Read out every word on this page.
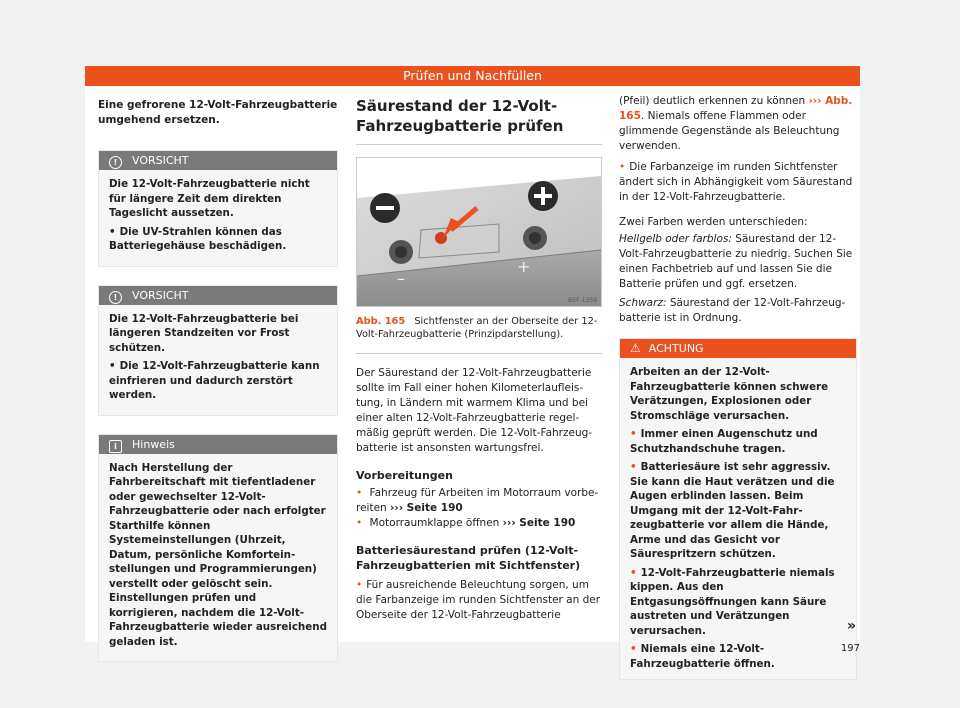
Prüfen und Nachfüllen
Eine gefrorene 12-Volt-Fahrzeugbatterie umgehend ersetzen.
! VORSICHT

Die 12-Volt-Fahrzeugbatterie nicht für längere Zeit dem direkten Tageslicht aussetzen.

• Die UV-Strahlen können das Batteriegehäuse beschädigen.

! VORSICHT

Die 12-Volt-Fahrzeugbatterie bei längeren Standzeiten vor Frost schützen.

• Die 12-Volt-Fahrzeugbatterie kann einfrieren und dadurch zerstört werden.

i Hinweis

Nach Herstellung der Fahrbereitschaft mit tiefentladener oder gewechselter 12-Volt-Fahrzeugbatterie oder nach erfolgter Starthilfe können Systemeinstellungen (Uhrzeit, Datum, persönliche Komforteinstellungen und Programmierungen) verstellt oder gelöscht sein. Einstellungen prüfen und korrigieren, nachdem die 12-Volt-Fahrzeugbatterie wieder ausreichend geladen ist.

Säurestand der 12-Volt-Fahrzeugbatterie prüfen
–
+
B5F-1359
Abb. 165 Sichtfenster an der Oberseite der 12-Volt-Fahrzeugbatterie (Prinzipdarstellung).

Der Säurestand der 12-Volt-Fahrzeugbatterie sollte im Fall einer hohen Kilometerlaufleistung, in Ländern mit warmem Klima und bei einer alten 12-Volt-Fahrzeugbatterie regelmäßig geprüft werden. Die 12-Volt-Fahrzeugbatterie ist ansonsten wartungsfrei.

Vorbereitungen

• Fahrzeug für Arbeiten im Motorraum vorbereiten ››› Seite 190

• Motorraumklappe öffnen ››› Seite 190

Batteriesäurestand prüfen (12-Volt-Fahrzeugbatterien mit Sichtfenster)

• Für ausreichende Beleuchtung sorgen, um die Farbanzeige im runden Sichtfenster an der Oberseite der 12-Volt-Fahrzeugbatterie

(Pfeil) deutlich erkennen zu können ››› Abb. 165. Niemals offene Flammen oder glimmende Gegenstände als Beleuchtung verwenden.

• Die Farbanzeige im runden Sichtfenster ändert sich in Abhängigkeit vom Säurestand in der 12-Volt-Fahrzeugbatterie.

Zwei Farben werden unterschieden:

Hellgelb oder farblos: Säurestand der 12-Volt-Fahrzeugbatterie zu niedrig. Suchen Sie einen Fachbetrieb auf und lassen Sie die Batterie prüfen und ggf. ersetzen.
Schwarz: Säurestand der 12-Volt-Fahrzeugbatterie ist in Ordnung.
⚠ ACHTUNG

Arbeiten an der 12-Volt-Fahrzeugbatterie können schwere Verätzungen, Explosionen oder Stromschläge verursachen.

• Immer einen Augenschutz und Schutzhandschuhe tragen.

• Batteriesäure ist sehr aggressiv. Sie kann die Haut verätzen und die Augen erblinden lassen. Beim Umgang mit der 12-Volt-Fahrzeugbatterie vor allem die Hände, Arme und das Gesicht vor Säurespritzern schützen.

• 12-Volt-Fahrzeugbatterie niemals kippen. Aus den Entgasungsöffnungen kann Säure austreten und Verätzungen verursachen.

• Niemals eine 12-Volt-Fahrzeugbatterie öffnen.

»
197
